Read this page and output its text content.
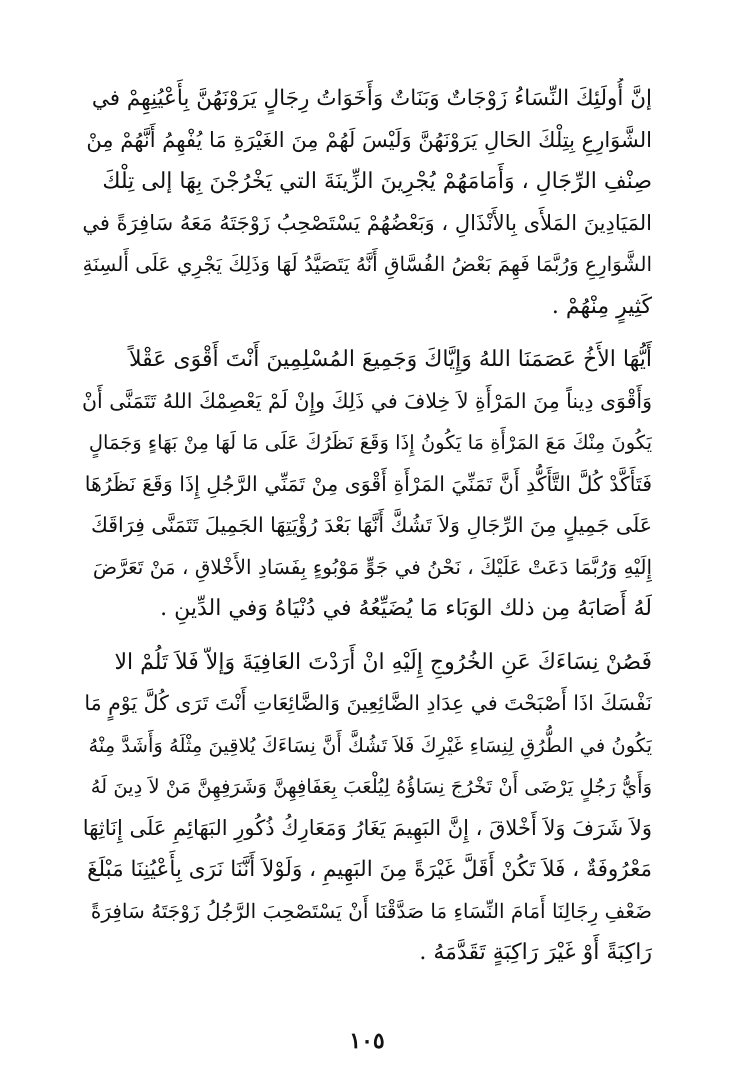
إنَّ أُولَئِكَ النِّسَاءُ زَوْجَاتٌ وَبَنَاتٌ وَأَخَوَاتُ رِجَالٍ يَرَوْنَهُنَّ بِأَعْيُنِهِمْ في
الشَّوَارِعِ بِتِلْكَ الحَالِ يَرَوْنَهُنَّ وَلَيْسَ لَهُمْ مِنَ الغَيْرَةِ مَا يُفْهِمُ أَنَّهُمْ مِنْ
صِنْفِ الرِّجَالِ ، وَأَمَامَهُمْ يُجْرِينَ الزِّينَةَ التي يَخْرُجْنَ بِهَا إلى تِلْكَ
المَيَادِينَ المَلأَى بِالأَنْذَالِ ، وَبَعْضُهُمْ يَسْتَصْحِبُ زَوْجَتَهُ مَعَهُ سَافِرَةً في
الشَّوَارِعِ وَرُبَّمَا فَهِمَ بَعْضُ الفُسَّاقِ أَنَّهُ يَتَصَيَّدُ لَهَا وَذَلِكَ يَجْرِي عَلَى أَلسِنَةِ
كَثِيرٍ مِنْهُمْ .

أَيُّهَا الأَخُ عَصَمَنَا اللهُ وَإِيَّاكَ وَجَمِيعَ المُسْلِمِينَ أَنْتَ أَقْوَى عَقْلاً
وَأَقْوَى دِيناً مِنَ المَرْأَةِ لاَ خِلافَ في ذَلِكَ وإِنْ لَمْ يَعْصِمْكَ اللهُ تَتَمَنَّى أَنْ
يَكُونَ مِنْكَ مَعَ المَرْأَةِ مَا يَكُونُ إِذَا وَقَعَ نَظَرُكَ عَلَى مَا لَهَا مِنْ بَهَاءٍ وَجَمَالٍ
فَتَأَكَّدْ كُلَّ التَّأَكُّدِ أَنَّ تَمَنِّيَ المَرْأَةِ أَقْوَى مِنْ تَمَنِّي الرَّجُلِ إِذَا وَقَعَ نَظَرُهَا
عَلَى جَمِيلٍ مِنَ الرِّجَالِ وَلاَ تَشُكَّ أَنَّهَا بَعْدَ رُؤْيَتِهَا الجَمِيلَ تَتَمَنَّى فِرَاقَكَ
إِلَيْهِ وَرُبَّمَا دَعَتْ عَلَيْكَ ، نَحْنُ في جَوٍّ مَوْبُوءٍ بِفَسَادِ الأَخْلاقِ ، مَنْ تَعَرَّضَ
لَهُ أَصَابَهُ مِن ذلك الوَبَاء مَا يُضَيِّعُهُ في دُنْيَاهُ وَفي الدِّينِ .

فَصُنْ نِسَاءَكَ عَنِ الخُرُوجِ إِلَيْهِ انْ أَرَدْتَ العَافِيَةَ وَإلاّ فَلاَ تَلُمْ الا
نَفْسَكَ اذَا أَصْبَحْتَ في عِدَادِ الضَّائِعِينَ وَالضَّائِعَاتِ أَنْتَ تَرَى كُلَّ يَوْمٍ مَا
يَكُونُ في الطُّرُقِ لِنِسَاءِ غَيْرِكَ فَلاَ تَشُكَّ أَنَّ نِسَاءَكَ يُلاقِينَ مِثْلَهُ وَأَشَدَّ مِنْهُ
وَأَيُّ رَجُلٍ يَرْضَى أَنْ تَخْرُجَ نِسَاؤُهُ لِيُلْعَبَ بِعَفَافِهِنَّ وَشَرَفِهِنَّ مَنْ لاَ دِينَ لَهُ
وَلاَ شَرَفَ وَلاَ أَخْلاقَ ، إِنَّ البَهِيمَ يَغَارُ وَمَعَارِكُ ذُكُورِ البَهَائِمِ عَلَى إِنَاثِهَا
مَعْرُوفَةٌ ، فَلاَ تَكُنْ أَقَلَّ غَيْرَةً مِنَ البَهِيمِ ، وَلَوْلاَ أَنَّنَا نَرَى بِأَعْيُنِنَا مَبْلَغَ
ضَعْفِ رِجَالِنَا أَمَامَ النِّسَاءِ مَا صَدَّقْنَا أَنْ يَسْتَصْحِبَ الرَّجُلُ زَوْجَتَهُ سَافِرَةً
رَاكِبَةً أَوْ غَيْرَ رَاكِبَةٍ تَقَدَّمَهُ .

١٠٥
